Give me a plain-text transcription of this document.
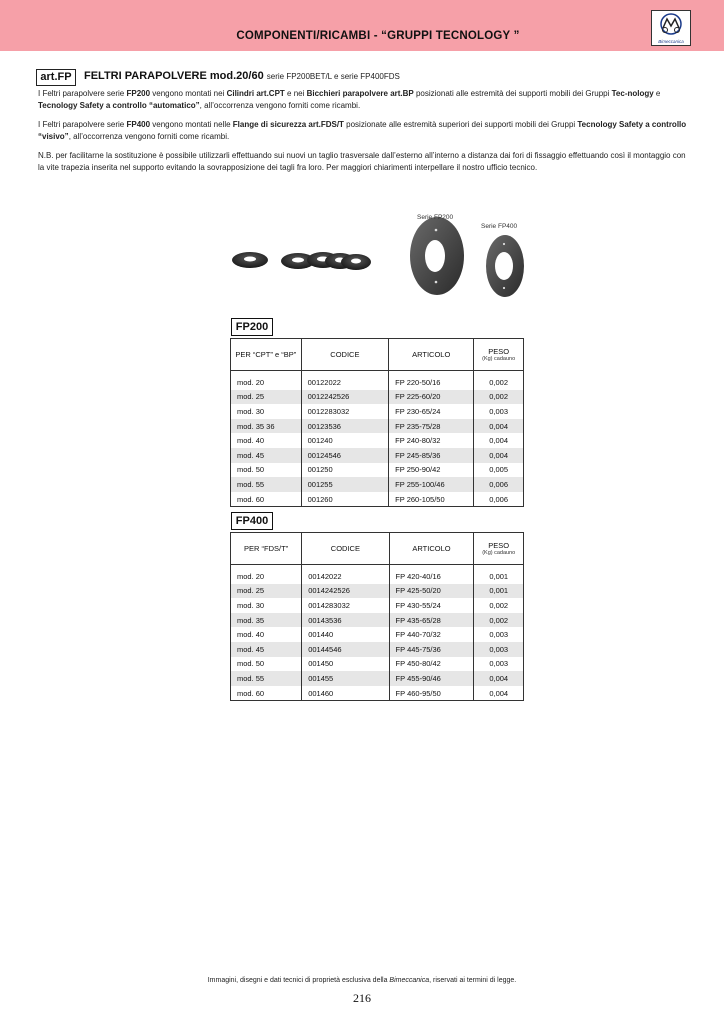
COMPONENTI/RICAMBI - “GRUPPI TECNOLOGY ”	Bimeccanica
art.FP	FELTRI PARAPOLVERE mod.20/60 serie FP200BET/L e serie FP400FDS
I Feltri parapolvere serie FP200 vengono montati nei Cilindri art.CPT e nei Bicchieri parapolvere art.BP posizionati alle estremità dei supporti mobili dei Gruppi Tec-nology e Tecnology Safety a controllo “automatico”, all’occorrenza vengono forniti come ricambi.
I Feltri parapolvere serie FP400 vengono montati nelle Flange di sicurezza art.FDS/T posizionate alle estremità superiori dei supporti mobili dei Gruppi Tecnology Safety a controllo “visivo”, all’occorrenza vengono forniti come ricambi.
N.B. per facilitarne la sostituzione è possibile utilizzarli effettuando sui nuovi un taglio trasversale dall’esterno all’interno a distanza dai fori di fissaggio effettuando così il montaggio con la vite trapezia inserita nel supporto evitando la sovrapposizione dei tagli fra loro. Per maggiori chiarimenti interpellare il nostro ufficio tecnico.
Serie FP200
Serie FP400
FP200
PER “CPT” e “BP”	CODICE	ARTICOLO	PESO
(Kg) cadauno

mod. 20	00122022	FP 220-50/16	0,002
mod. 25	0012242526	FP 225-60/20	0,002
mod. 30	0012283032	FP 230-65/24	0,003
mod. 35 36	00123536	FP 235-75/28	0,004
mod. 40	001240	FP 240-80/32	0,004
mod. 45	00124546	FP 245-85/36	0,004
mod. 50	001250	FP 250-90/42	0,005
mod. 55	001255	FP 255-100/46	0,006
mod. 60	001260	FP 260-105/50	0,006
FP400
PER “FDS/T”	CODICE	ARTICOLO	PESO
(Kg) cadauno

mod. 20	00142022	FP 420-40/16	0,001
mod. 25	0014242526	FP 425-50/20	0,001
mod. 30	0014283032	FP 430-55/24	0,002
mod. 35	00143536	FP 435-65/28	0,002
mod. 40	001440	FP 440-70/32	0,003
mod. 45	00144546	FP 445-75/36	0,003
mod. 50	001450	FP 450-80/42	0,003
mod. 55	001455	FP 455-90/46	0,004
mod. 60	001460	FP 460-95/50	0,004
Immagini, disegni e dati tecnici di proprietà esclusiva della Bimeccanica, riservati ai termini di legge.
216
